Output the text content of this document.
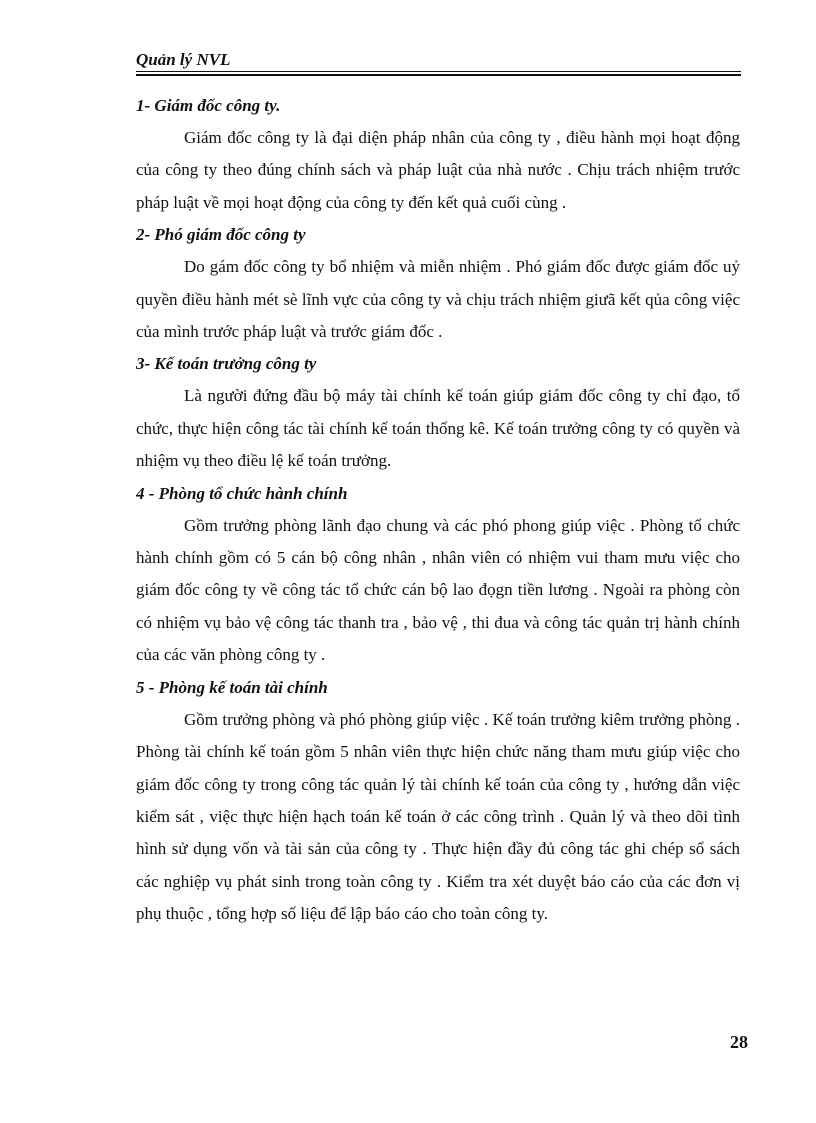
Quản lý NVL

1- Giám đốc công ty.

Giám đốc công ty là đại diện pháp nhân của công ty , điều hành mọi hoạt động của công ty theo đúng chính sách và pháp luật của nhà nước . Chịu trách nhiệm trước pháp luật về mọi hoạt động của công ty đến kết quả cuối cùng .

2- Phó giám đốc công ty

Do gám đốc công ty bổ nhiệm và miễn nhiệm . Phó giám đốc được giám đốc uỷ quyền điều hành mét sè lĩnh vực của công ty và chịu trách nhiệm giưã kết qủa công việc của mình trước pháp luật và trước giám đốc .

3- Kế toán trưởng công ty

Là người đứng đầu bộ máy tài chính kế toán giúp giám đốc công ty chỉ đạo, tổ chức, thực hiện công tác tài chính kế toán thống kê. Kế toán trưởng công ty có quyền và nhiệm vụ theo điều lệ kế toán trưởng.

4 - Phòng tổ chức hành chính

Gồm trưởng phòng lãnh đạo chung và các phó phong giúp việc . Phòng tổ chức hành chính gồm có 5 cán bộ công nhân , nhân viên có nhiệm vui tham mưu việc cho giám đốc công ty về công tác tổ chức cán bộ lao đọgn tiền lương . Ngoài ra phòng còn có nhiệm vụ bảo vệ công tác thanh tra , bảo vệ , thi đua và công tác quản trị hành chính của các văn phòng công ty .

5 - Phòng kế toán tài chính

Gồm trưởng phòng và phó phòng giúp việc . Kế toán trưởng kiêm trưởng phòng . Phòng tài chính kế toán gồm 5 nhân viên thực hiện chức năng tham mưu giúp việc cho giám đốc công ty trong công tác quản lý tài chính kế toán của công ty , hướng dẫn việc kiểm sát , việc thực hiện hạch toán kế toán ở các công trình . Quản lý và theo dõi tình hình sử dụng vốn và tài sản của công ty . Thực hiện đầy đủ công tác ghi chép sổ sách các nghiệp vụ phát sinh trong toàn công ty . Kiểm tra xét duyệt báo cáo của các đơn vị phụ thuộc , tổng hợp số liệu để lập báo cáo cho toàn công ty.

28
